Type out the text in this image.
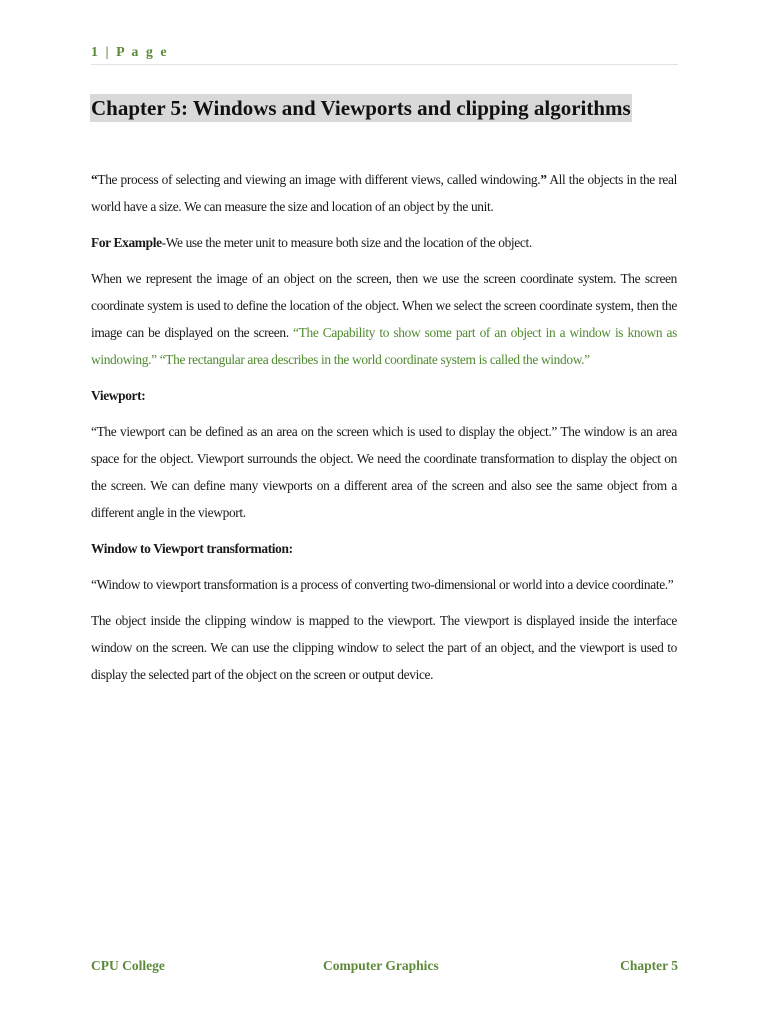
1 | P a g e
Chapter 5: Windows and Viewports and clipping algorithms

“The process of selecting and viewing an image with different views, called windowing.” All the objects in the real world have a size. We can measure the size and location of an object by the unit.

For Example-We use the meter unit to measure both size and the location of the object.

When we represent the image of an object on the screen, then we use the screen coordinate system. The screen coordinate system is used to define the location of the object. When we select the screen coordinate system, then the image can be displayed on the screen. “The Capability to show some part of an object in a window is known as windowing.” “The rectangular area describes in the world coordinate system is called the window.”

Viewport:

“The viewport can be defined as an area on the screen which is used to display the object.” The window is an area space for the object. Viewport surrounds the object. We need the coordinate transformation to display the object on the screen. We can define many viewports on a different area of the screen and also see the same object from a different angle in the viewport.

Window to Viewport transformation:

“Window to viewport transformation is a process of converting two-dimensional or world into a device coordinate.”

The object inside the clipping window is mapped to the viewport. The viewport is displayed inside the interface window on the screen. We can use the clipping window to select the part of an object, and the viewport is used to display the selected part of the object on the screen or output device.

CPU College	Computer Graphics	Chapter 5
